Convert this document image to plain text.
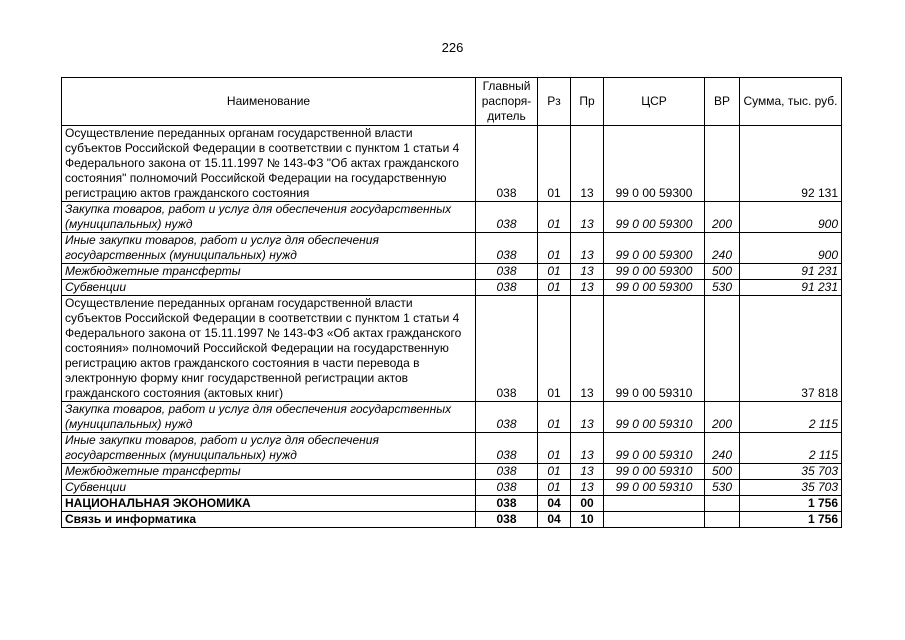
226
Наименование	Главный распоря-дитель	Рз	Пр	ЦСР	ВР	Сумма, тыс. руб.
Осуществление переданных органам государственной власти субъектов Российской Федерации в соответствии с пунктом 1 статьи 4 Федерального закона от 15.11.1997 № 143-ФЗ "Об актах гражданского состояния" полномочий Российской Федерации на государственную регистрацию актов гражданского состояния	038	01	13	99 0 00 59300		92 131
Закупка товаров, работ и услуг для обеспечения государственных (муниципальных) нужд	038	01	13	99 0 00 59300	200	900
Иные закупки товаров, работ и услуг для обеспечения государственных (муниципальных) нужд	038	01	13	99 0 00 59300	240	900
Межбюджетные трансферты	038	01	13	99 0 00 59300	500	91 231
Субвенции	038	01	13	99 0 00 59300	530	91 231
Осуществление переданных органам государственной власти субъектов Российской Федерации в соответствии с пунктом 1 статьи 4 Федерального закона от 15.11.1997 № 143-ФЗ «Об актах гражданского состояния» полномочий Российской Федерации на государственную регистрацию актов гражданского состояния в части перевода в электронную форму книг государственной регистрации актов гражданского состояния (актовых книг)	038	01	13	99 0 00 59310		37 818
Закупка товаров, работ и услуг для обеспечения государственных (муниципальных) нужд	038	01	13	99 0 00 59310	200	2 115
Иные закупки товаров, работ и услуг для обеспечения государственных (муниципальных) нужд	038	01	13	99 0 00 59310	240	2 115
Межбюджетные трансферты	038	01	13	99 0 00 59310	500	35 703
Субвенции	038	01	13	99 0 00 59310	530	35 703
НАЦИОНАЛЬНАЯ ЭКОНОМИКА	038	04	00			1 756
Связь и информатика	038	04	10			1 756
